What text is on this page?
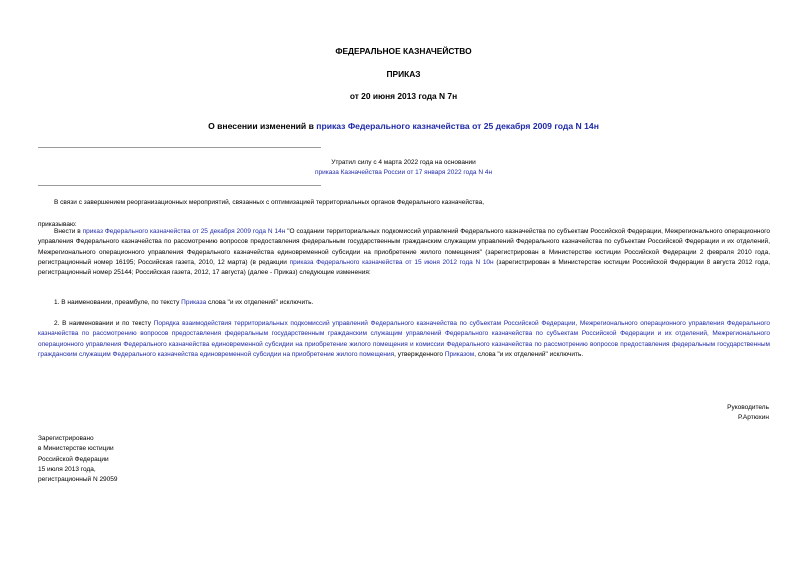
ФЕДЕРАЛЬНОЕ КАЗНАЧЕЙСТВО
ПРИКАЗ
от 20 июня 2013 года N 7н
О внесении изменений в приказ Федерального казначейства от 25 декабря 2009 года N 14н
Утратил силу с 4 марта 2022 года на основании
приказа Казначейства России от 17 января 2022 года N 4н
В связи с завершением реорганизационных мероприятий, связанных с оптимизацией территориальных органов Федерального казначейства,
приказываю:
Внести в приказ Федерального казначейства от 25 декабря 2009 года N 14н "О создании территориальных подкомиссий управлений Федерального казначейства по субъектам Российской Федерации, Межрегионального операционного управления Федерального казначейства по рассмотрению вопросов предоставления федеральным государственным гражданским служащим управлений Федерального казначейства по субъектам Российской Федерации и их отделений, Межрегионального операционного управления Федерального казначейства единовременной субсидии на приобретение жилого помещения" (зарегистрирован в Министерстве юстиции Российской Федерации 2 февраля 2010 года, регистрационный номер 16195; Российская газета, 2010, 12 марта) (в редакции приказа Федерального казначейства от 15 июня 2012 года N 10н (зарегистрирован в Министерстве юстиции Российской Федерации 8 августа 2012 года, регистрационный номер 25144; Российская газета, 2012, 17 августа) (далее - Приказ) следующие изменения:
1. В наименовании, преамбуле, по тексту Приказа слова "и их отделений" исключить.
2. В наименовании и по тексту Порядка взаимодействия территориальных подкомиссий управлений Федерального казначейства по субъектам Российской Федерации, Межрегионального операционного управления Федерального казначейства по рассмотрению вопросов предоставления федеральным государственным гражданским служащим управлений Федерального казначейства по субъектам Российской Федерации и их отделений, Межрегионального операционного управления Федерального казначейства единовременной субсидии на приобретение жилого помещения и комиссии Федерального казначейства по рассмотрению вопросов предоставления федеральным государственным гражданским служащим Федерального казначейства единовременной субсидии на приобретение жилого помещения, утвержденного Приказом, слова "и их отделений" исключить.
Руководитель
Р.Артюхин
Зарегистрировано
в Министерстве юстиции
Российской Федерации
15 июля 2013 года,
регистрационный N 29059
